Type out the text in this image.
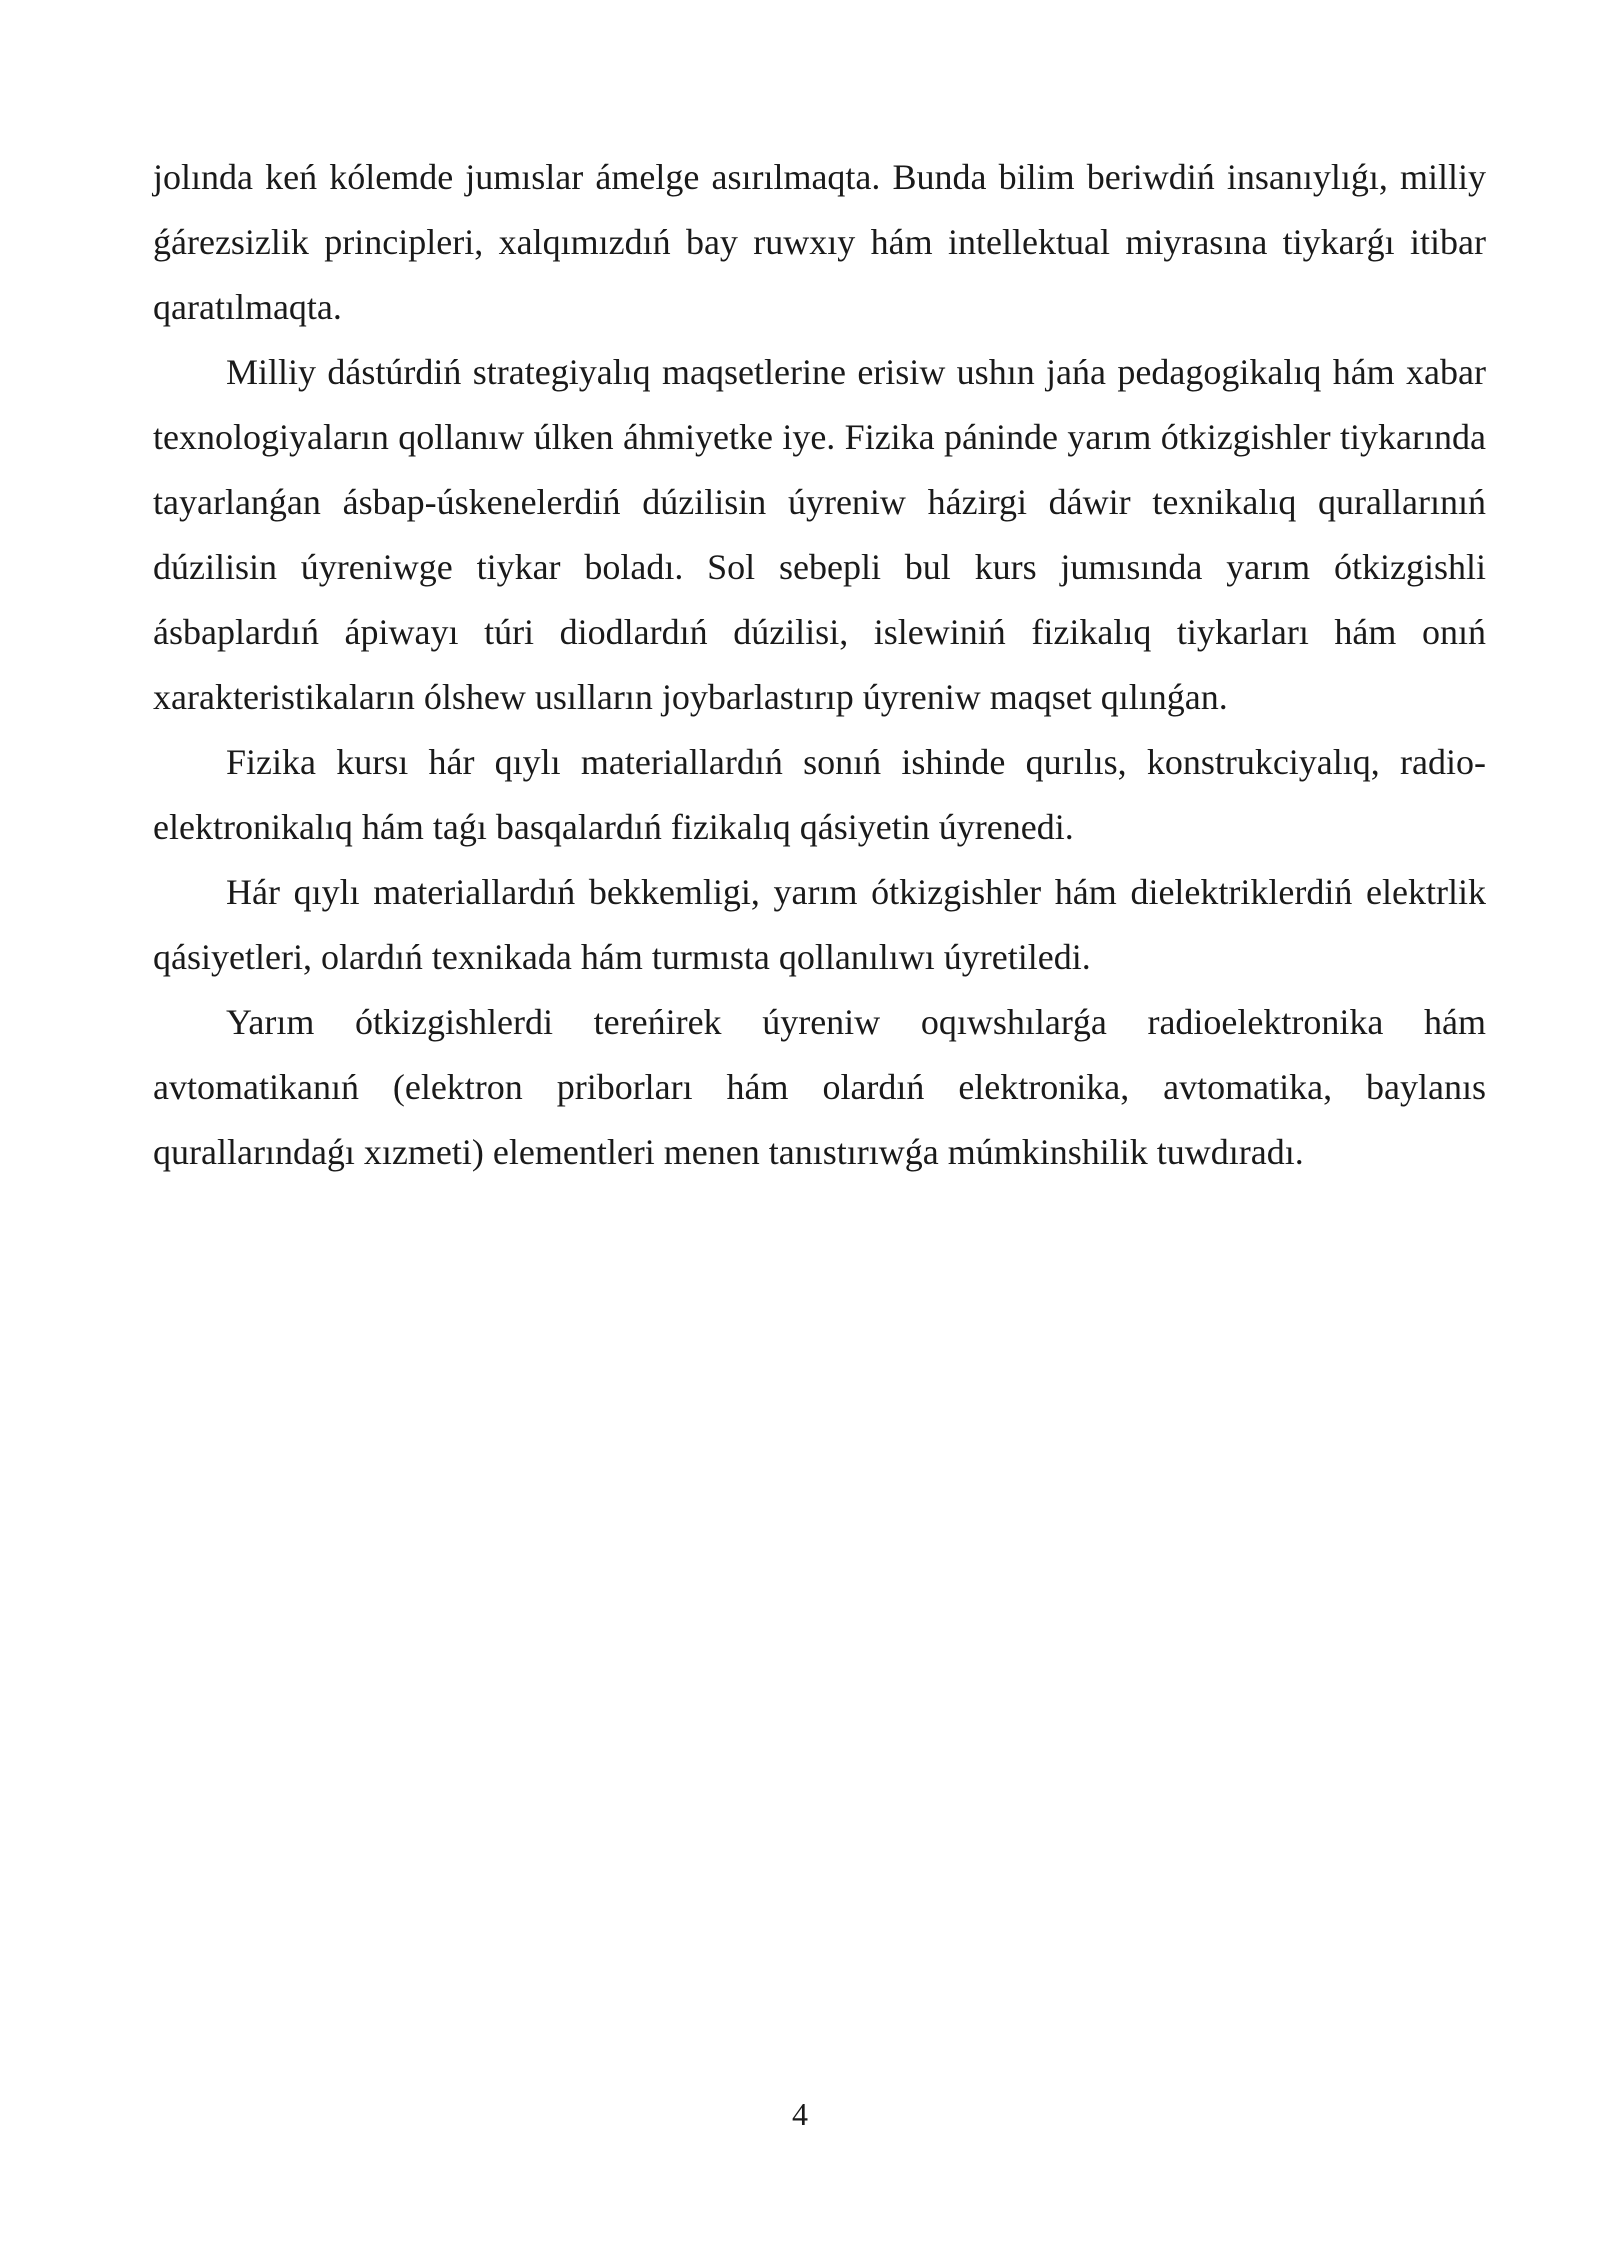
jolında keń kólemde jumıslar ámelge asırılmaqta. Bunda bilim beriwdiń insanıylıǵı, milliy ǵárezsizlik principleri, xalqımızdıń bay ruwxıy hám intellektual miyrasına tiykarǵı itibar qaratılmaqta.

Milliy dástúrdiń strategiyalıq maqsetlerine erisiw ushın jańa pedagogikalıq hám xabar texnologiyaların qollanıw úlken áhmiyetke iye. Fizika páninde yarım ótkizgishler tiykarında tayarlanǵan ásbap-úskenelerdiń dúzilisin úyreniw házirgi dáwir texnikalıq qurallarınıń dúzilisin úyreniwge tiykar boladı. Sol sebepli bul kurs jumısında yarım ótkizgishli ásbaplardıń ápiwayı túri diodlardıń dúzilisi, islewiniń fizikalıq tiykarları hám onıń xarakteristikaların ólshew usılların joybarlastırıp úyreniw maqset qılınǵan.

Fizika kursı hár qıylı materiallardıń sonıń ishinde qurılıs, konstrukciyalıq, radio-elektronikalıq hám taǵı basqalardıń fizikalıq qásiyetin úyrenedi.

Hár qıylı materiallardıń bekkemligi, yarım ótkizgishler hám dielektriklerdiń elektrlik qásiyetleri, olardıń texnikada hám turmısta qollanılıwı úyretiledi.

Yarım ótkizgishlerdi tereńirek úyreniw oqıwshılarǵa radioelektronika hám avtomatikanıń (elektron priborları hám olardıń elektronika, avtomatika, baylanıs qurallarındaǵı xızmeti) elementleri menen tanıstırıwǵa múmkinshilik tuwdıradı.

4
